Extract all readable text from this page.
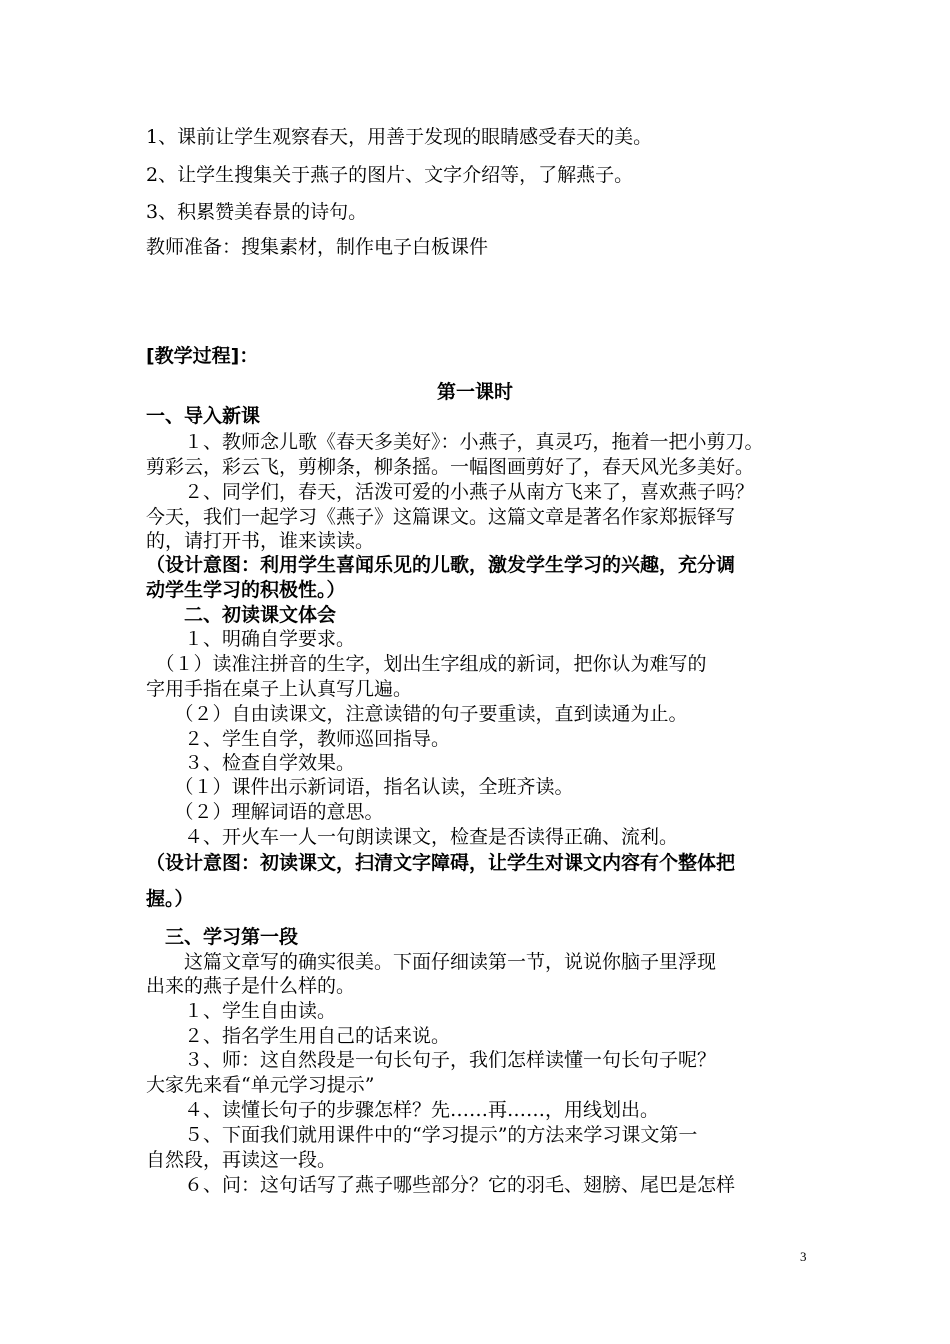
1、课前让学生观察春天，用善于发现的眼睛感受春天的美。
2、让学生搜集关于燕子的图片、文字介绍等，了解燕子。
3、积累赞美春景的诗句。
教师准备：搜集素材，制作电子白板课件
[教学过程]：
第一课时
一、导入新课
　　１、教师念儿歌《春天多美好》：小燕子，真灵巧，拖着一把小剪刀。
剪彩云，彩云飞，剪柳条，柳条摇。一幅图画剪好了，春天风光多美好。
　　２、同学们，春天，活泼可爱的小燕子从南方飞来了，喜欢燕子吗？
今天，我们一起学习《燕子》这篇课文。这篇文章是著名作家郑振铎写
的，请打开书，谁来读读。
（设计意图：利用学生喜闻乐见的儿歌，激发学生学习的兴趣，充分调
动学生学习的积极性。）
　　二、初读课文体会
　　１、明确自学要求。
　（１）读准注拼音的生字，划出生字组成的新词，把你认为难写的
字用手指在桌子上认真写几遍。
　　（２）自由读课文，注意读错的句子要重读，直到读通为止。
　　２、学生自学，教师巡回指导。
　　３、检查自学效果。
　　（１）课件出示新词语，指名认读，全班齐读。
　　（２）理解词语的意思。
　　４、开火车一人一句朗读课文，检查是否读得正确、流利。
（设计意图：初读课文，扫清文字障碍，让学生对课文内容有个整体把
握。）
　三、学习第一段
　　这篇文章写的确实很美。下面仔细读第一节，说说你脑子里浮现
出来的燕子是什么样的。
　　１、学生自由读。
　　２、指名学生用自己的话来说。
　　３、师：这自然段是一句长句子，我们怎样读懂一句长句子呢？
大家先来看“单元学习提示”
　　４、读懂长句子的步骤怎样？先……再……，用线划出。
　　５、下面我们就用课件中的“学习提示”的方法来学习课文第一
自然段，再读这一段。
　　６、问：这句话写了燕子哪些部分？它的羽毛、翅膀、尾巴是怎样
3
